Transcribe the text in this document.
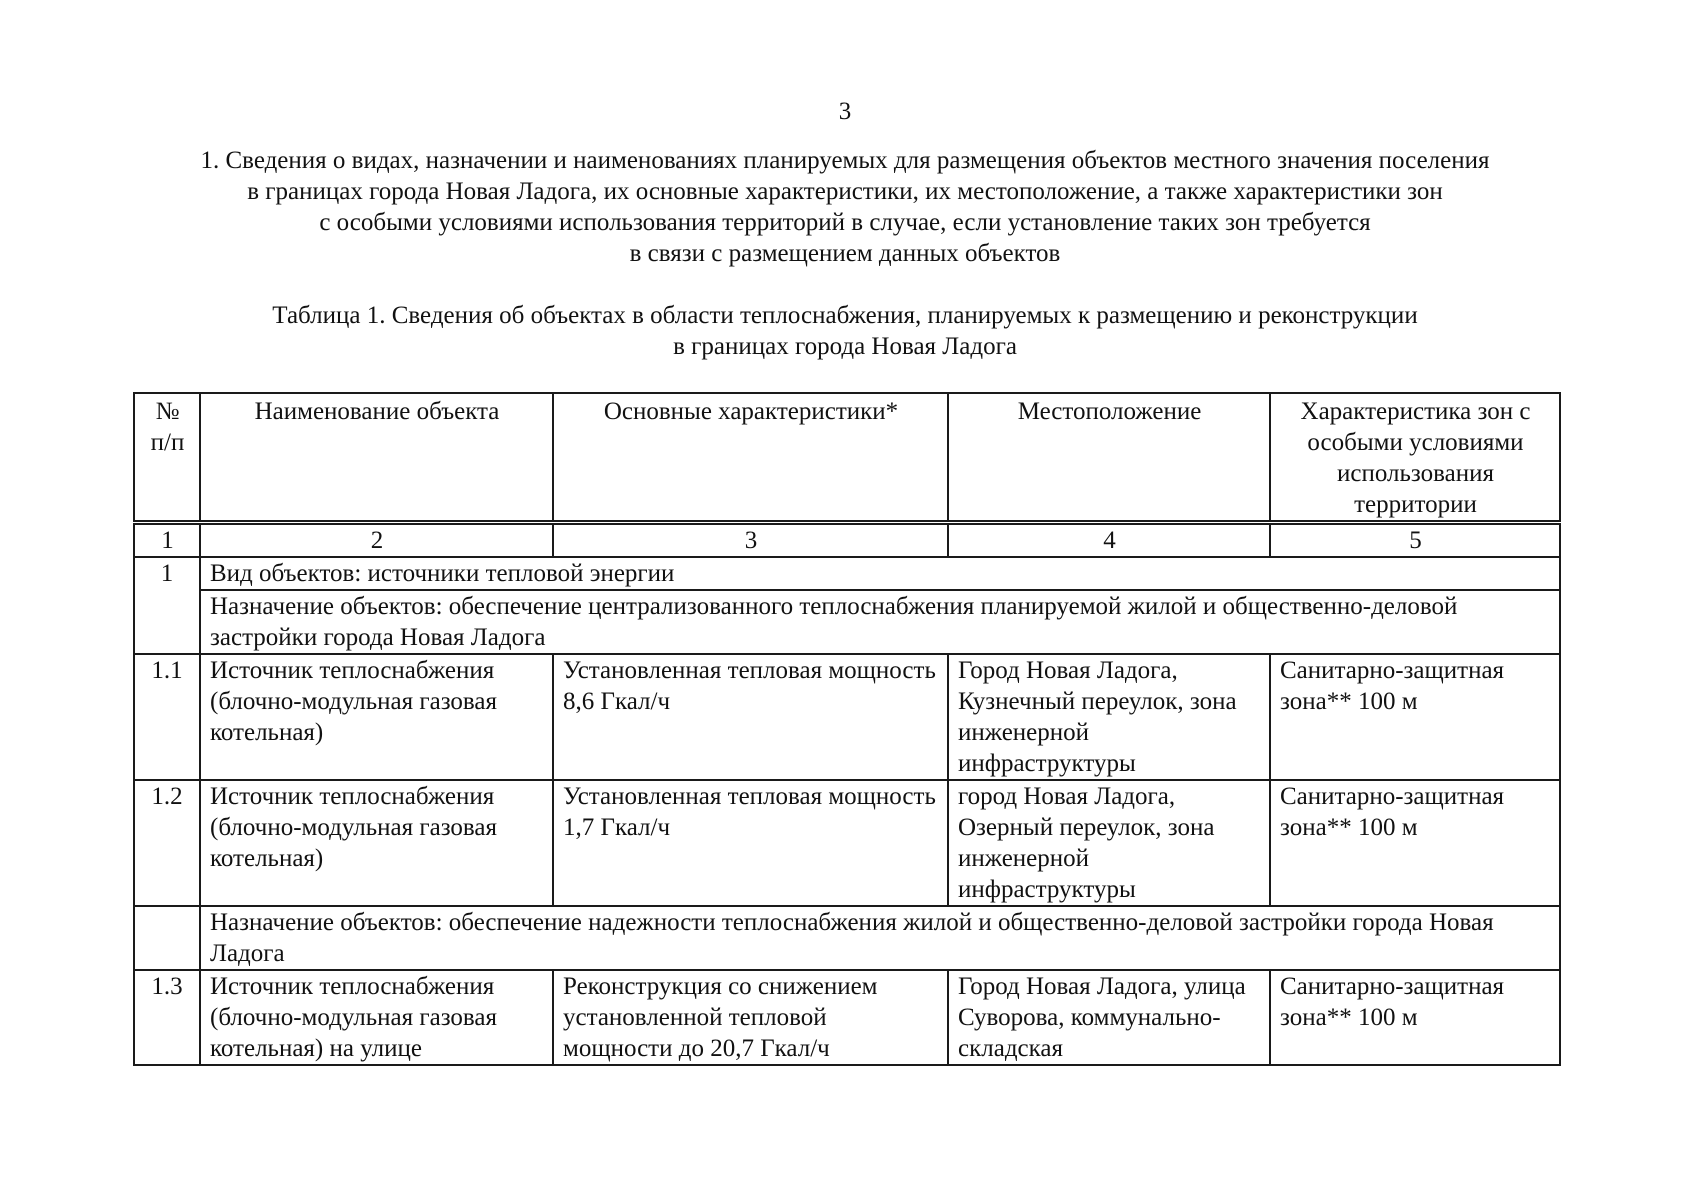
3
1. Сведения о видах, назначении и наименованиях планируемых для размещения объектов местного значения поселения
в границах города Новая Ладога, их основные характеристики, их местоположение, а также характеристики зон
с особыми условиями использования территорий в случае, если установление таких зон требуется
в связи с размещением данных объектов
Таблица 1. Сведения об объектах в области теплоснабжения, планируемых к размещению и реконструкции
в границах города Новая Ладога
№ п/п	Наименование объекта	Основные характеристики*	Местоположение	Характеристика зон с особыми условиями использования территории
1	2	3	4	5
1	Вид объектов: источники тепловой энергии			
	Назначение объектов: обеспечение централизованного теплоснабжения планируемой жилой и общественно-деловой застройки города Новая Ладога			
1.1	Источник теплоснабжения (блочно-модульная газовая котельная)	Установленная тепловая мощность 8,6 Гкал/ч	Город Новая Ладога, Кузнечный переулок, зона инженерной инфраструктуры	Санитарно-защитная зона** 100 м
1.2	Источник теплоснабжения (блочно-модульная газовая котельная)	Установленная тепловая мощность 1,7 Гкал/ч	город Новая Ладога, Озерный переулок, зона инженерной инфраструктуры	Санитарно-защитная зона** 100 м
	Назначение объектов: обеспечение надежности теплоснабжения жилой и общественно-деловой застройки города Новая Ладога			
1.3	Источник теплоснабжения (блочно-модульная газовая котельная) на улице	Реконструкция со снижением установленной тепловой мощности до 20,7 Гкал/ч	Город Новая Ладога, улица Суворова, коммунально-складская	Санитарно-защитная зона** 100 м
